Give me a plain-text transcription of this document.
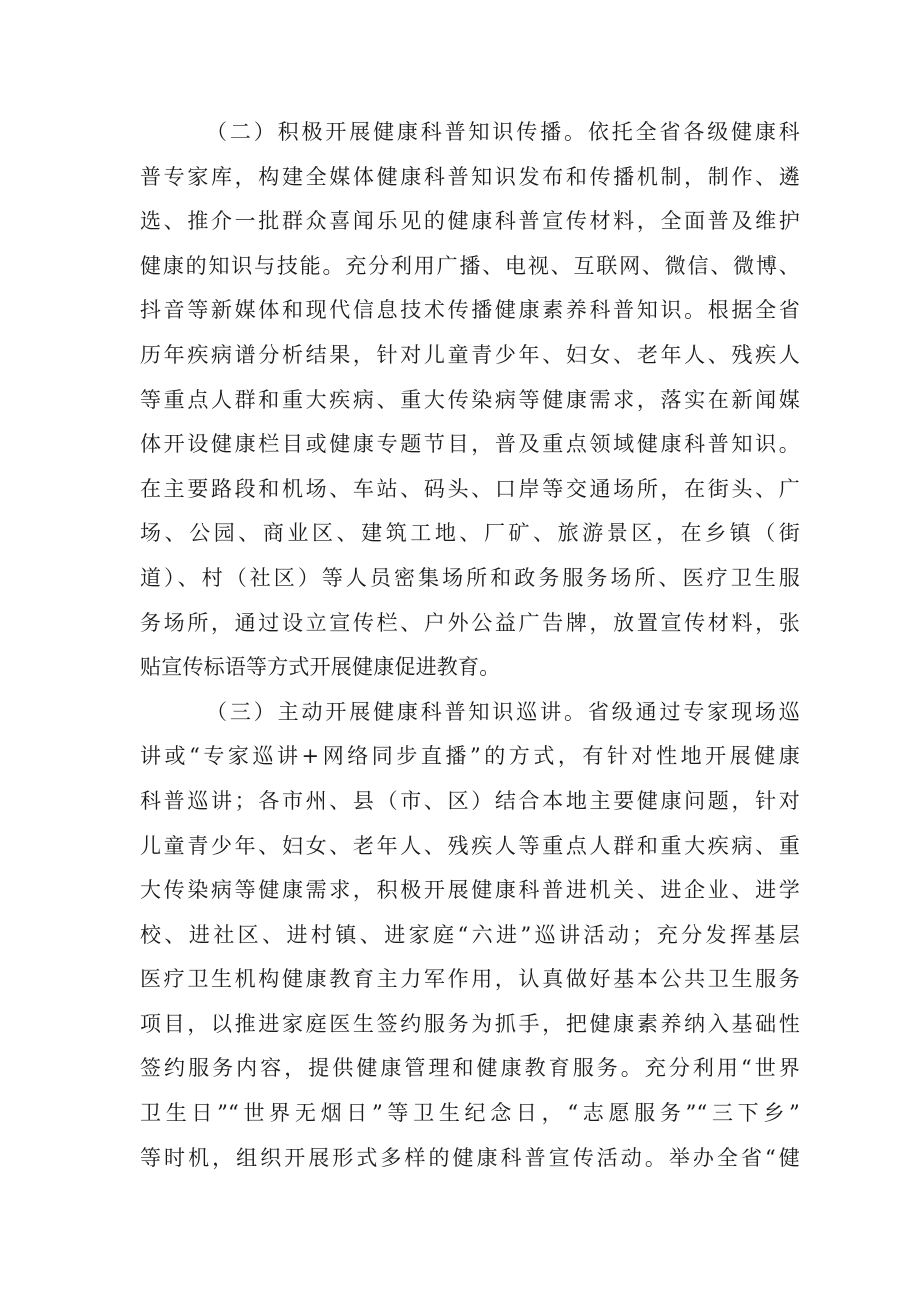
（二）积极开展健康科普知识传播。依托全省各级健康科
普专家库，构建全媒体健康科普知识发布和传播机制，制作、遴
选、推介一批群众喜闻乐见的健康科普宣传材料，全面普及维护
健康的知识与技能。充分利用广播、电视、互联网、微信、微博、
抖音等新媒体和现代信息技术传播健康素养科普知识。根据全省
历年疾病谱分析结果，针对儿童青少年、妇女、老年人、残疾人
等重点人群和重大疾病、重大传染病等健康需求，落实在新闻媒
体开设健康栏目或健康专题节目，普及重点领域健康科普知识。
在主要路段和机场、车站、码头、口岸等交通场所，在街头、广
场、公园、商业区、建筑工地、厂矿、旅游景区，在乡镇（街
道）、村（社区）等人员密集场所和政务服务场所、医疗卫生服
务场所，通过设立宣传栏、户外公益广告牌，放置宣传材料，张
贴宣传标语等方式开展健康促进教育。
（三）主动开展健康科普知识巡讲。省级通过专家现场巡
讲或“专家巡讲+网络同步直播”的方式，有针对性地开展健康
科普巡讲；各市州、县（市、区）结合本地主要健康问题，针对
儿童青少年、妇女、老年人、残疾人等重点人群和重大疾病、重
大传染病等健康需求，积极开展健康科普进机关、进企业、进学
校、进社区、进村镇、进家庭“六进”巡讲活动；充分发挥基层
医疗卫生机构健康教育主力军作用，认真做好基本公共卫生服务
项目，以推进家庭医生签约服务为抓手，把健康素养纳入基础性
签约服务内容，提供健康管理和健康教育服务。充分利用“世界
卫生日”“世界无烟日”等卫生纪念日，“志愿服务”“三下乡”
等时机，组织开展形式多样的健康科普宣传活动。举办全省“健
